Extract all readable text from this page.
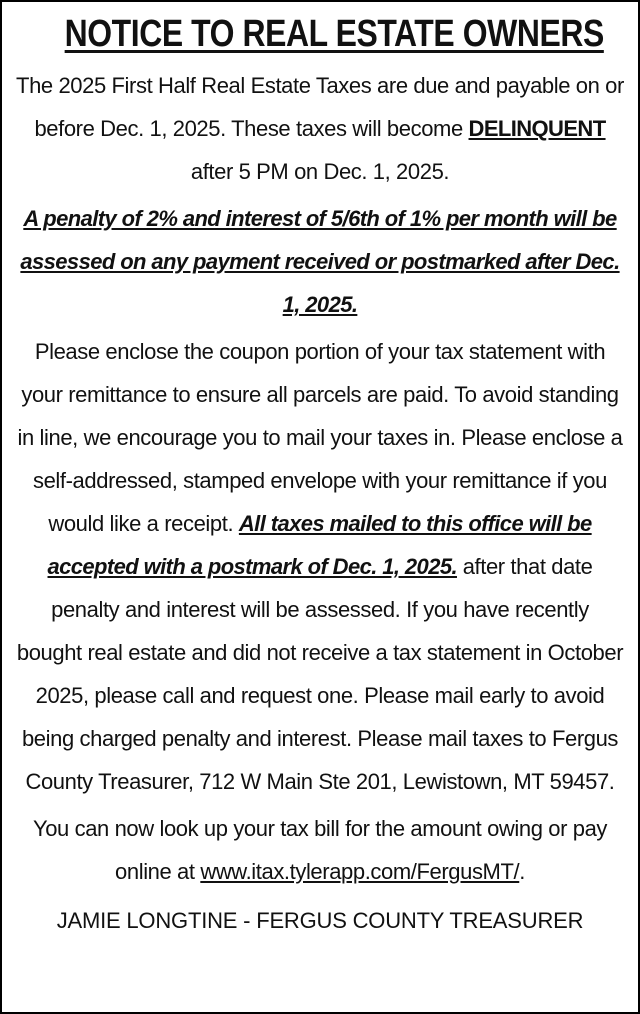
NOTICE TO REAL ESTATE OWNERS

The 2025 First Half Real Estate Taxes are due and payable on or before Dec. 1, 2025. These taxes will become DELINQUENT after 5 PM on Dec. 1, 2025.

A penalty of 2% and interest of 5/6th of 1% per month will be assessed on any payment received or postmarked after Dec. 1, 2025.

Please enclose the coupon portion of your tax statement with your remittance to ensure all parcels are paid. To avoid standing in line, we encourage you to mail your taxes in. Please enclose a self-addressed, stamped envelope with your remittance if you would like a receipt. All taxes mailed to this office will be accepted with a postmark of Dec. 1, 2025. after that date penalty and interest will be assessed. If you have recently bought real estate and did not receive a tax statement in October 2025, please call and request one. Please mail early to avoid being charged penalty and interest. Please mail taxes to Fergus County Treasurer, 712 W Main Ste 201, Lewistown, MT 59457.

You can now look up your tax bill for the amount owing or pay online at www.itax.tylerapp.com/FergusMT/.

JAMIE LONGTINE - FERGUS COUNTY TREASURER
